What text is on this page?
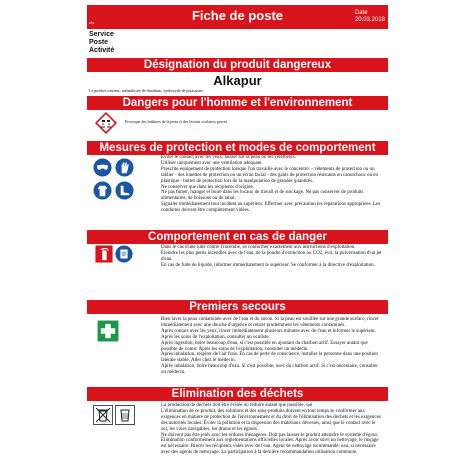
cls	Fiche de poste	Date
20.03.2018
Service
Poste
Activité
Désignation du produit dangereux
Alkapur
Le produit contient: métasilicate de disodium, hydroxyde de potassium
Dangers pour l'homme et l'environnement
Provoque des brûlures de la peau et des lésions oculaires graves.
Mesures de protection et modes de comportement

Éviter le contact avec les yeux, laisser sur la peau ou les vêtements.

Utiliser uniquement avec une ventilation adéquate.

Prescrite équipement de protection lorsque l'on travaille avec le concentré: - vêtements de protection ou un tablier - des lunettes de protection ou un écran facial - des gants de protection résistants en caoutchouc ou en plastique - bottes de protection lors de la manipulation de grandes quantités.

Ne conserver que dans les récipients d'origine.

Ne pas fumer, manger et boire dans les locaux de travail et de stockage. Ne pas conserver de produits alimentaires, de boissons ou de tabac.

Signaler immédiatement tout incident au supérieur. Effectuer avec précaution les réparations appropriées. Les conduites doivent être complètement vidées.

Comportement en cas de danger

Dans le cas d'une lutte contre l'incendie, se conformer exactement aux instructions d'exploitation.

Éteindre les plus petits incendies avec de l'eau, de la poudre d'extinction ou CO2, évit. la pulvérisation d'un jet d'eau.

En cas de fuite de liquide, informer immédiatement le supérieur. Se conformer à la directive d'exploitation.

Premiers secours

Bien laver la peau contaminée avec de l'eau et du savon. Si la peau est souillée sur une grande surface, rincer immédiatement avec une douche d'urgence et retirer prudemment les vêtements contaminés.

Après contact avec les yeux, rincer immédiatement plusieurs minutes avec de l'eau et informer le supérieur. Après les soins de l'exploitation, consulter un oculiste.

Après ingestion, boire beaucoup d'eau, si c'est possible en ajoutant du charbon actif. Essayer autant que possible de vomir. Après les soins de l'exploitation, consulter un médecin.

Après inhalation, respirer de l'air frais. En cas de perte de conscience, installer la personne dans une position latérale stable. Aller chez le médecin.

Après inhalation, boire beaucoup d'eau. Si c'est possible, avec du charbon actif. Si c'est nécessaire, consulter un médecin.

Elimination des déchets

La production de déchets doit être évitée ou réduire autant que possible, qui

L'élimination de ce produit, des solutions et des sous-produits doivent en tout temps se conformer aux exigences en matière de protection de l'environnement et du droit de l'élimination des déchets et les exigences des autorités locales. Éviter la pollution et la dispersion des matériaux déversés, ainsi que le contact avec le sol, les voies navigables, les drains et les égouts.

Ne doivent pas être jetés avec les ordures ménagères. Doit pas laisser le produit atteindre le système d'égout. Élimination conformément aux réglementations officielles locales. Après avoir suivi un nettoyage, le rinçage est nécessaire. Rincer les récipients vides avec de l'eau. Agent de nettoyage recommandé: eau, si nécessaire avec des agents de nettoyage. La participation à la dernière recommandation utilisation commune.
